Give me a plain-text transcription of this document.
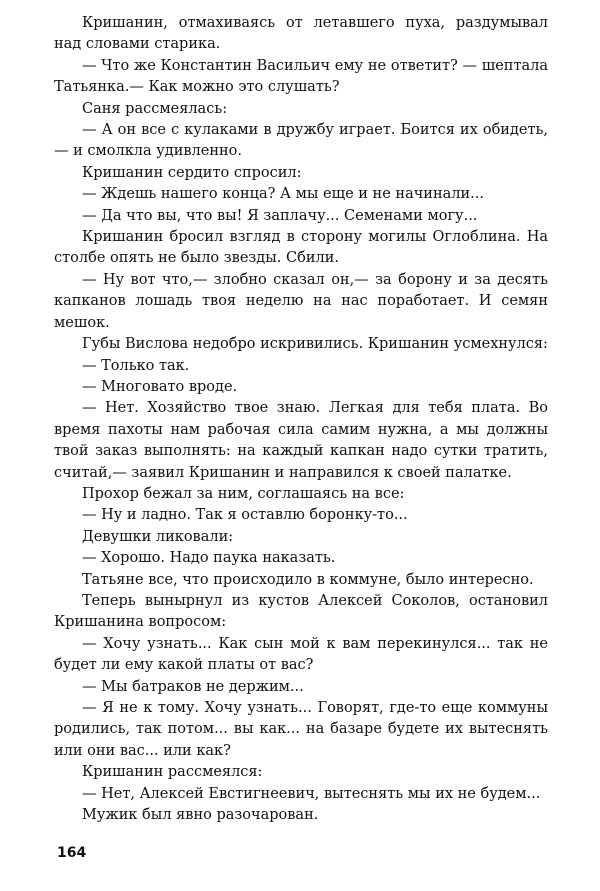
Кришанин, отмахиваясь от летавшего пуха, раздумывал над словами старика.

— Что же Константин Васильич ему не ответит? — шептала Татьянка.— Как можно это слушать?

Саня рассмеялась:

— А он все с кулаками в дружбу играет. Боится их обидеть,— и смолкла удивленно.

Кришанин сердито спросил:

— Ждешь нашего конца? А мы еще и не начинали...

— Да что вы, что вы! Я заплачу... Семенами могу...

Кришанин бросил взгляд в сторону могилы Оглоблина. На столбе опять не было звезды. Сбили.

— Ну вот что,— злобно сказал он,— за борону и за десять капканов лошадь твоя неделю на нас поработает. И семян мешок.

Губы Вислова недобро искривились. Кришанин усмехнулся:

— Только так.

— Многовато вроде.

— Нет. Хозяйство твое знаю. Легкая для тебя плата. Во время пахоты нам рабочая сила самим нужна, а мы должны твой заказ выполнять: на каждый капкан надо сутки тратить, считай,— заявил Кришанин и направился к своей палатке.

Прохор бежал за ним, соглашаясь на все:

— Ну и ладно. Так я оставлю боронку-то...

Девушки ликовали:

— Хорошо. Надо паука наказать.

Татьяне все, что происходило в коммуне, было интересно.

Теперь вынырнул из кустов Алексей Соколов, остановил Кришанина вопросом:

— Хочу узнать... Как сын мой к вам перекинулся... так не будет ли ему какой платы от вас?

— Мы батраков не держим...

— Я не к тому. Хочу узнать... Говорят, где-то еще коммуны родились, так потом... вы как... на базаре будете их вытеснять или они вас... или как?

Кришанин рассмеялся:

— Нет, Алексей Евстигнеевич, вытеснять мы их не будем...

Мужик был явно разочарован.

164
